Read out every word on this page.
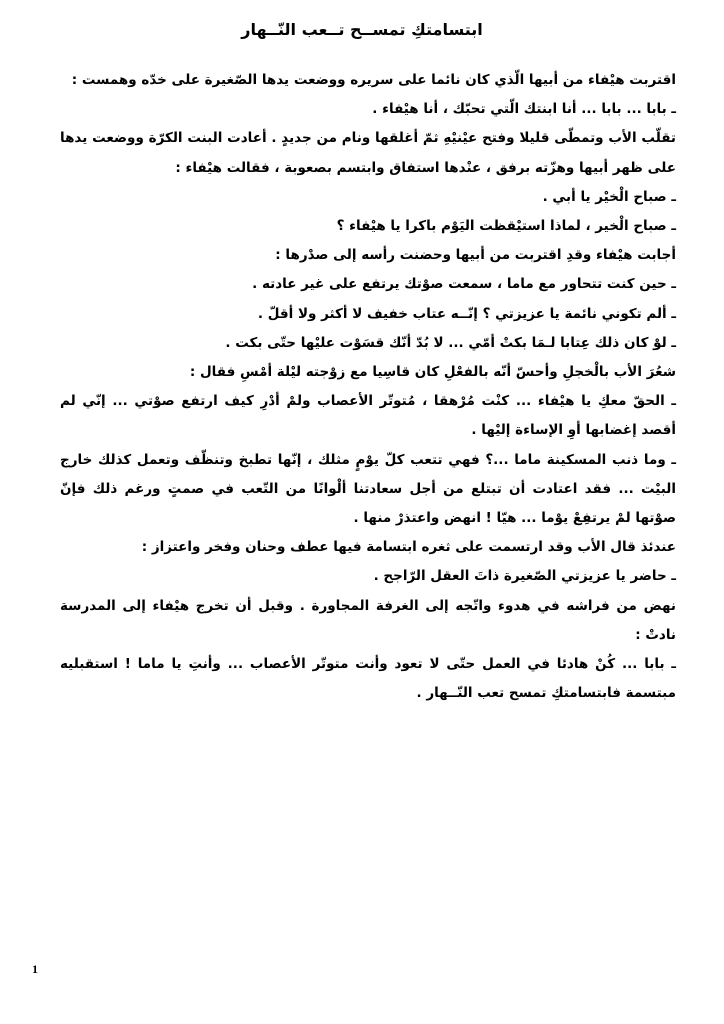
ابتسامتكِ تمســح تــعب النّــهار

اقتربت هيْفاء من أبيها الّذي كان نائما على سريره ووضعت يدها الصّغيرة على خدّه وهمست :

ـ بابا ... بابا ... أنا ابنتك الّتي تحبّك ، أنا هيْفاء .

تقلّب الأب وتمطّى قليلا وفتح عيْنيْهِ ثمّ أغلقها ونام من جديدٍ . أعادت البنت الكرّة ووضعت يدها على ظهر أبيها وهزّته برفق ، عنْدها استفاق وابتسم بصعوبة ، فقالت هيْفاء :

ـ صباح الْخيْر يا أبي .

ـ صباح الْخير ، لماذا استيْقظت اليَوْم باكرا يا هيْفاء ؟

أجابت هيْفاء وقدِ اقتربت من أبيها وحضنت رأسه إلى صدْرها :

ـ حين كنت تتحاور مع ماما ، سمعت صوْتك يرتفع على غير عادته .

ـ ألم تكوني نائمة يا عزيزتي ؟ إنّــه عتاب خفيف لا أكثر ولا أقلّ .

ـ لوْ كان ذلك عِتابا لـمَا بكتْ أمّي ... لا بُدّ أنّك قسَوْت عليْها حتّى بكت .

شعُرَ الأب بالْخجلِ وأحسّ أنّه بالفعْلِ كان قاسِيا مع زوْجته ليْلة أمْسِ فقال :

ـ الحقّ معكِ يا هيْفاء ... كنْت مُرْهقا ، مُتوتّر الأعصاب ولمْ أدْرِ كيف ارتفع صوْتي ... إنّي لم أقصد إغضابها أوِ الإساءة إليْها .

ـ وما ذنب المسكينة ماما ...؟ فهي تتعب كلّ يوْمٍ مثلك ، إنّها تطبخ وتنظّف وتعمل كذلك خارج البيْت ... فقد اعتادت أن تبتلع من أجل سعادتنا ألْوانًا من التّعب في صمتٍ ورغم ذلك فإنّ صوْتها لمْ يرتفِعْ يوْما ... هيّا ! انهض واعتذرْ منها .

عندئذ قال الأب وقد ارتسمت على ثغره ابتسامة فيها عطف وحنان وفخر واعتزاز :

ـ حاضر يا عزيزتي الصّغيرة ذاتَ العقل الرّاجح .

نهض من فراشه في هدوء واتّجه إلى الغرفة المجاورة . وقبل أن تخرج هيْفاء إلى المدرسة نادتْ :

ـ بابا ... كُنْ هادئا في العمل حتّى لا تعود وأنت متوتّر الأعصاب ... وأنتِ يا ماما ! استقبليه مبتسمة فابتسامتكِ تمسح تعب النّــهار .

1
